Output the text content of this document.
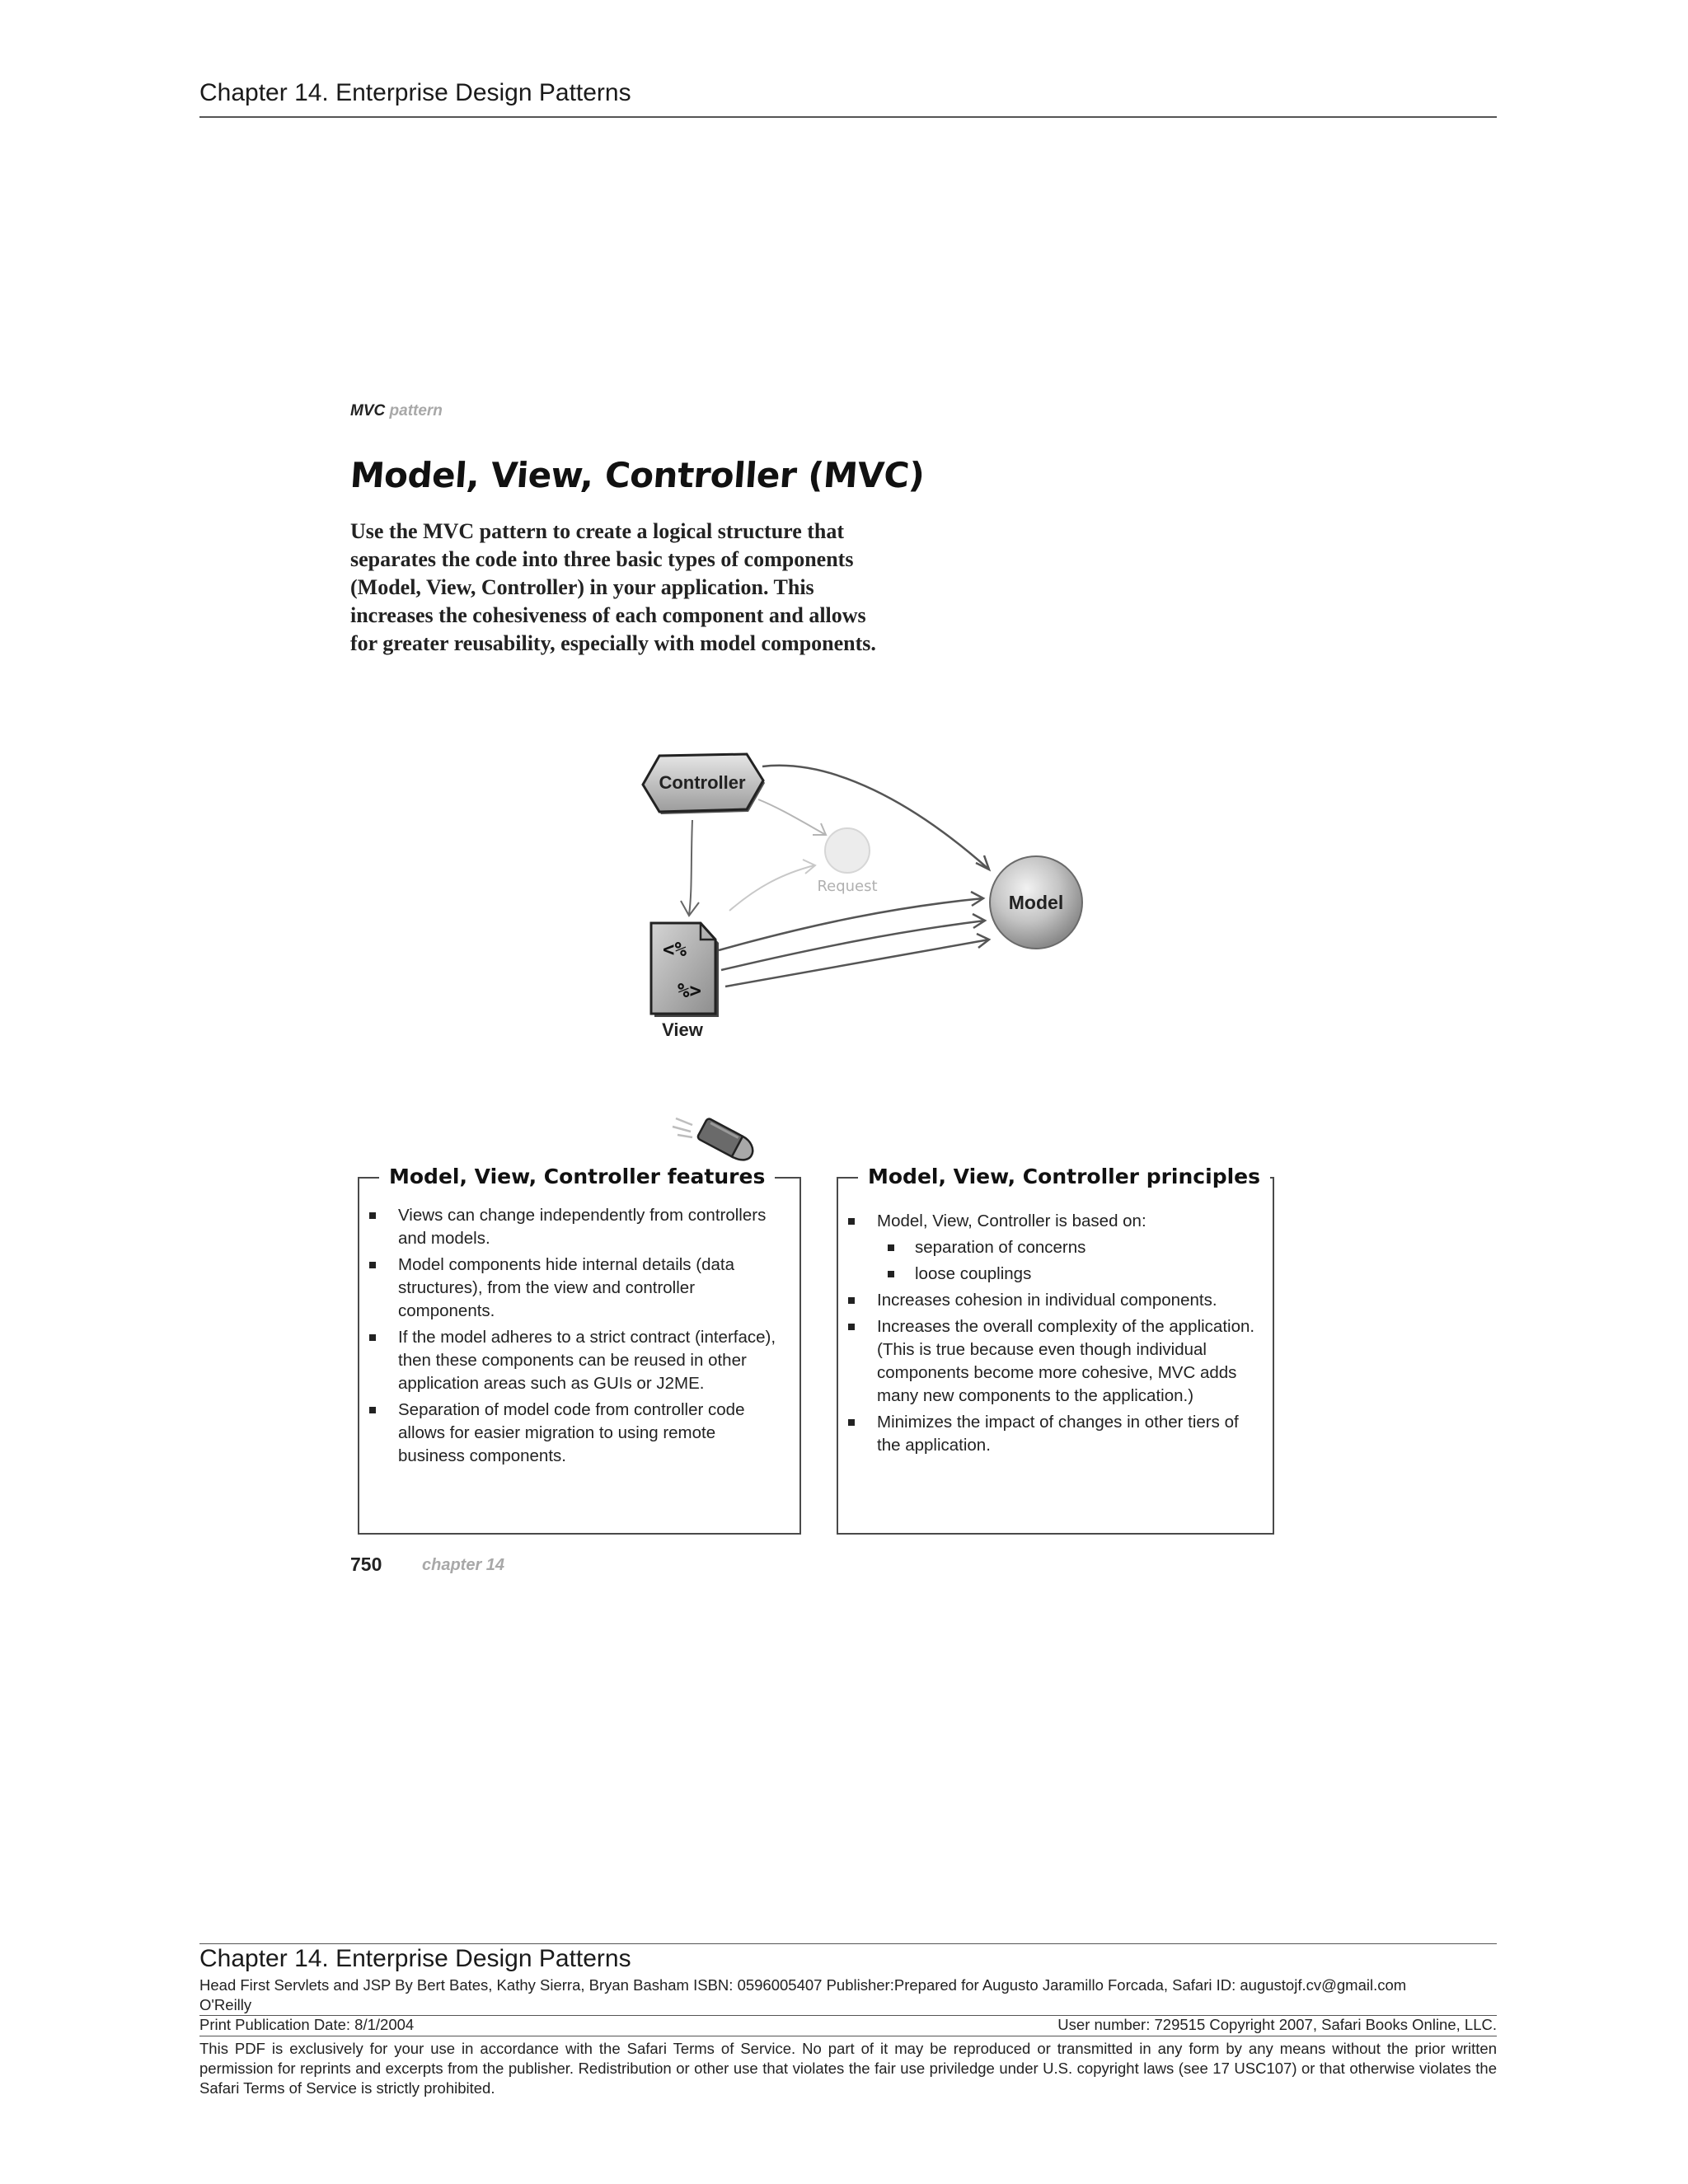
Chapter 14. Enterprise Design Patterns
MVC pattern
Model, View, Controller (MVC)
Use the MVC pattern to create a logical structure that separates the code into three basic types of components (Model, View, Controller) in your application. This increases the cohesiveness of each component and allows for greater reusability, especially with model components.
Request
Controller
Model
<%
%>
View
Model, View, Controller features
Views can change independently from controllers and models.
Model components hide internal details (data structures), from the view and controller components.
If the model adheres to a strict contract (interface), then these components can be reused in other application areas such as GUIs or J2ME.
Separation of model code from controller code allows for easier migration to using remote business components.
Model, View, Controller principles
Model, View, Controller is based on:
separation of concerns
loose couplings
Increases cohesion in individual components.
Increases the overall complexity of the application. (This is true because even though individual components become more cohesive, MVC adds many new components to the application.)
Minimizes the impact of changes in other tiers of the application.
750 chapter 14
Chapter 14. Enterprise Design Patterns
Head First Servlets and JSP By Bert Bates, Kathy Sierra, Bryan Basham ISBN: 0596005407 Publisher:Prepared for Augusto Jaramillo Forcada, Safari ID: augustojf.cv@gmail.com
O'Reilly
Print Publication Date: 8/1/2004	User number: 729515 Copyright 2007, Safari Books Online, LLC.
This PDF is exclusively for your use in accordance with the Safari Terms of Service. No part of it may be reproduced or transmitted in any form by any means without the prior written permission for reprints and excerpts from the publisher. Redistribution or other use that violates the fair use priviledge under U.S. copyright laws (see 17 USC107) or that otherwise violates the Safari Terms of Service is strictly prohibited.
